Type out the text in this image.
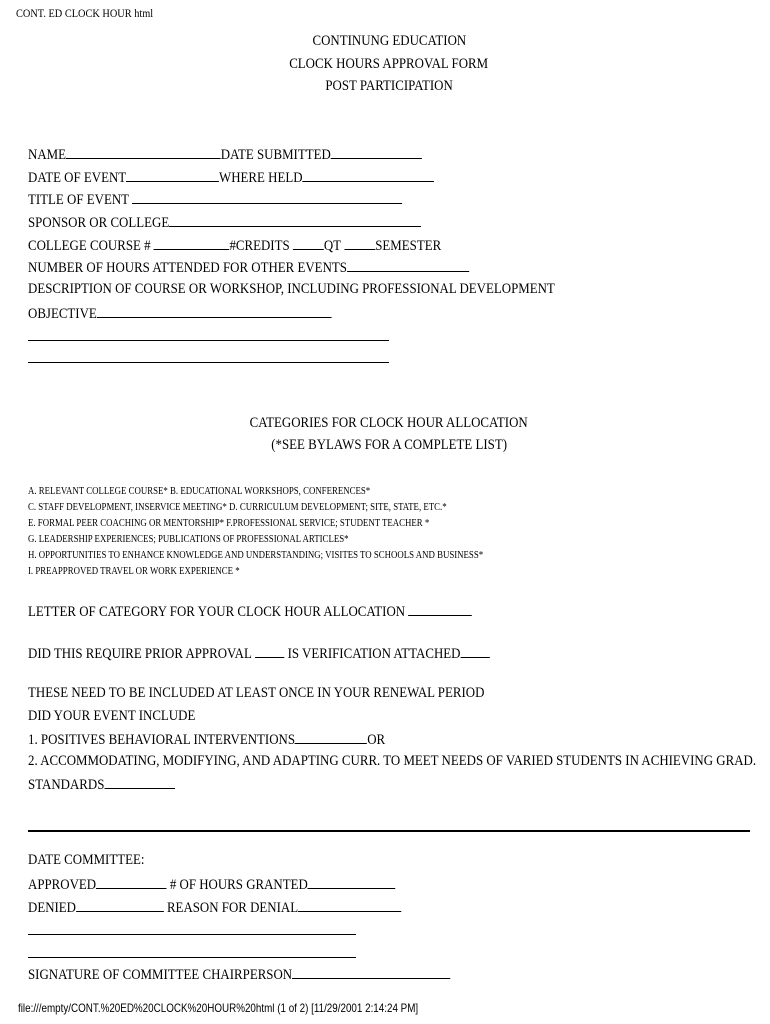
CONT. ED CLOCK HOUR html
CONTINUNG EDUCATION
CLOCK HOURS APPROVAL FORM
POST PARTICIPATION
NAME	DATE SUBMITTED
DATE OF EVENT	WHERE HELD
TITLE OF EVENT
SPONSOR OR COLLEGE
COLLEGE COURSE #	#CREDITS QT SEMESTER
NUMBER OF HOURS ATTENDED FOR OTHER EVENTS
DESCRIPTION OF COURSE OR WORKSHOP, INCLUDING PROFESSIONAL DEVELOPMENT
OBJECTIVE
CATEGORIES FOR CLOCK HOUR ALLOCATION
(*SEE BYLAWS FOR A COMPLETE LIST)
A. RELEVANT COLLEGE COURSE* B. EDUCATIONAL WORKSHOPS, CONFERENCES*
C. STAFF DEVELOPMENT, INSERVICE MEETING* D. CURRICULUM DEVELOPMENT; SITE, STATE, ETC.*
E. FORMAL PEER COACHING OR MENTORSHIP* F.PROFESSIONAL SERVICE; STUDENT TEACHER *
G. LEADERSHIP EXPERIENCES; PUBLICATIONS OF PROFESSIONAL ARTICLES*
H. OPPORTUNITIES TO ENHANCE KNOWLEDGE AND UNDERSTANDING; VISITES TO SCHOOLS AND BUSINESS*
I. PREAPPROVED TRAVEL OR WORK EXPERIENCE *
LETTER OF CATEGORY FOR YOUR CLOCK HOUR ALLOCATION
DID THIS REQUIRE PRIOR APPROVAL IS VERIFICATION ATTACHED
THESE NEED TO BE INCLUDED AT LEAST ONCE IN YOUR RENEWAL PERIOD
DID YOUR EVENT INCLUDE
1. POSITIVES BEHAVIORAL INTERVENTIONS	OR
2. ACCOMMODATING, MODIFYING, AND ADAPTING CURR. TO MEET NEEDS OF VARIED STUDENTS IN ACHIEVING GRAD.
STANDARDS
DATE COMMITTEE:
APPROVED	# OF HOURS GRANTED
DENIED	REASON FOR DENIAL
SIGNATURE OF COMMITTEE CHAIRPERSON
file:///empty/CONT.%20ED%20CLOCK%20HOUR%20html (1 of 2) [11/29/2001 2:14:24 PM]
